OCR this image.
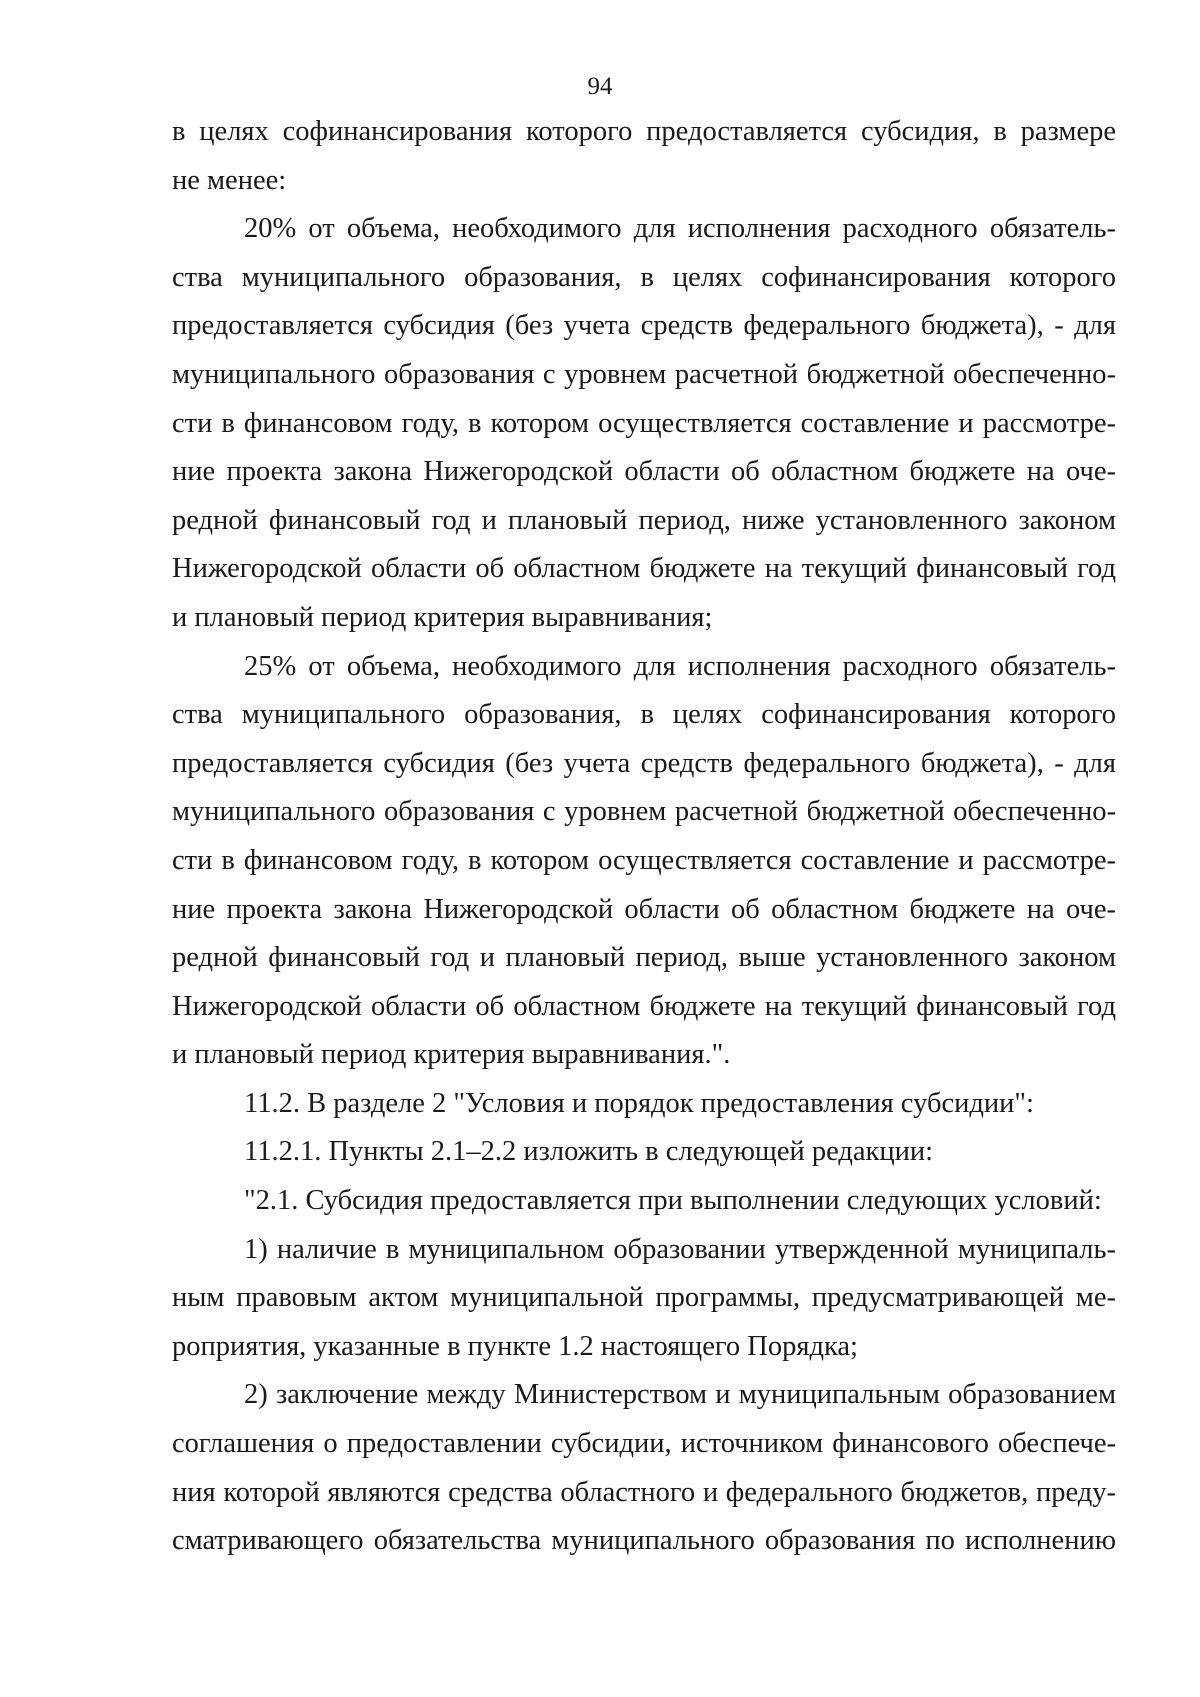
94
в целях софинансирования которого предоставляется субсидия, в размере
не менее:
20% от объема, необходимого для исполнения расходного обязатель-
ства муниципального образования, в целях софинансирования которого
предоставляется субсидия (без учета средств федерального бюджета), - для
муниципального образования с уровнем расчетной бюджетной обеспеченно-
сти в финансовом году, в котором осуществляется составление и рассмотре-
ние проекта закона Нижегородской области об областном бюджете на оче-
редной финансовый год и плановый период, ниже установленного законом
Нижегородской области об областном бюджете на текущий финансовый год
и плановый период критерия выравнивания;
25% от объема, необходимого для исполнения расходного обязатель-
ства муниципального образования, в целях софинансирования которого
предоставляется субсидия (без учета средств федерального бюджета), - для
муниципального образования с уровнем расчетной бюджетной обеспеченно-
сти в финансовом году, в котором осуществляется составление и рассмотре-
ние проекта закона Нижегородской области об областном бюджете на оче-
редной финансовый год и плановый период, выше установленного законом
Нижегородской области об областном бюджете на текущий финансовый год
и плановый период критерия выравнивания.".
11.2. В разделе 2 "Условия и порядок предоставления субсидии":
11.2.1. Пункты 2.1–2.2 изложить в следующей редакции:
"2.1. Субсидия предоставляется при выполнении следующих условий:
1) наличие в муниципальном образовании утвержденной муниципаль-
ным правовым актом муниципальной программы, предусматривающей ме-
роприятия, указанные в пункте 1.2 настоящего Порядка;
2) заключение между Министерством и муниципальным образованием
соглашения о предоставлении субсидии, источником финансового обеспече-
ния которой являются средства областного и федерального бюджетов, преду-
сматривающего обязательства муниципального образования по исполнению
